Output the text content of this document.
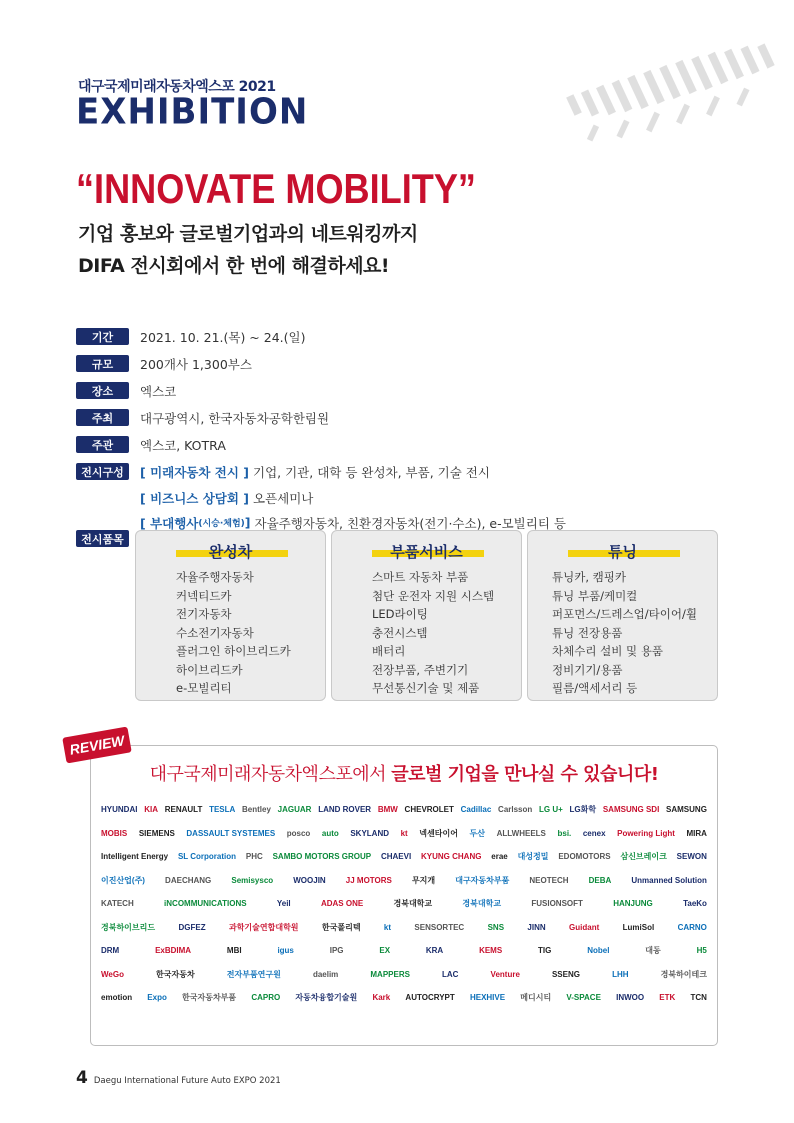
대구국제미래자동차엑스포 2021
EXHIBITION
“INNOVATE MOBILITY”
기업 홍보와 글로벌기업과의 네트워킹까지
DIFA 전시회에서 한 번에 해결하세요!
기간	2021. 10. 21.(목) ~ 24.(일)
규모	200개사 1,300부스
장소	엑스코
주최	대구광역시, 한국자동차공학한림원
주관	엑스코, KOTRA
전시구성	[ 미래자동차 전시 ] 기업, 기관, 대학 등 완성차, 부품, 기술 전시
[ 비즈니스 상담회 ]
오픈세미나
[ 부대행사 (시승·체험) ]
자율주행자동차, 친환경자동차(전기·수소), e-모빌리티 등
전시품목
완성차
자율주행자동차
커넥티드카
전기자동차
수소전기자동차
플러그인 하이브리드카
하이브리드카
e-모빌리티
부품서비스
스마트 자동차 부품
첨단 운전자 지원 시스템
LED라이팅
충전시스템
배터리
전장부품, 주변기기
무선통신기술 및 제품
튜닝
튜닝카, 캠핑카
튜닝 부품/케미컬
퍼포먼스/드레스업/타이어/휠
튜닝 전장용품
차체수리 설비 및 용품
정비기기/용품
필름/액세서리 등
대구국제미래자동차엑스포에서 글로벌 기업을 만나실 수 있습니다!
HYUNDAI KIA RENAULT TESLA Bentley JAGUAR LAND ROVER BMW CHEVROLET Cadillac Carlsson LG U+ LG화학 SAMSUNG SDI SAMSUNG
MOBIS SIEMENS DASSAULT SYSTEMES posco auto SKYLAND kt 넥센타이어 두산 ALLWHEELS bsi. cenex Powering Light MIRA
Intelligent Energy SL Corporation PHC SAMBO MOTORS GROUP CHAEVI KYUNG CHANG erae 대성정밀 EDOMOTORS 삼신브레이크 SEWON
이진산업(주)	DAECHANG	Semisysco	WOOJIN	JJ MOTORS	무지개	대구자동차부품	NEOTECH	DEBA	Unmanned Solution
KATECH	iNCOMMUNICATIONS	Yeil	ADAS ONE	경북대학교	경북대학교	FUSIONSOFT	HANJUNG	TaeKo
경북하이브리드	DGFEZ	과학기술연합대학원	한국폴리텍	kt	SENSORTEC	SNS	JINN	Guidant	LumiSol	CARNO
DRM	ExBDIMA	MBI	igus	IPG	EX	KRA	KEMS	TIG	Nobel	대동	H5
WeGo	한국자동차	전자부품연구원	daelim	MAPPERS	LAC	Venture	SSENG	LHH	경북하이테크
emotion Expo 한국자동차부품 CAPRO 자동차융합기술원 Kark AUTOCRYPT HEXHIVE 메디시티 V-SPACE INWOO ETK TCN
REVIEW
4 Daegu International Future Auto EXPO 2021
